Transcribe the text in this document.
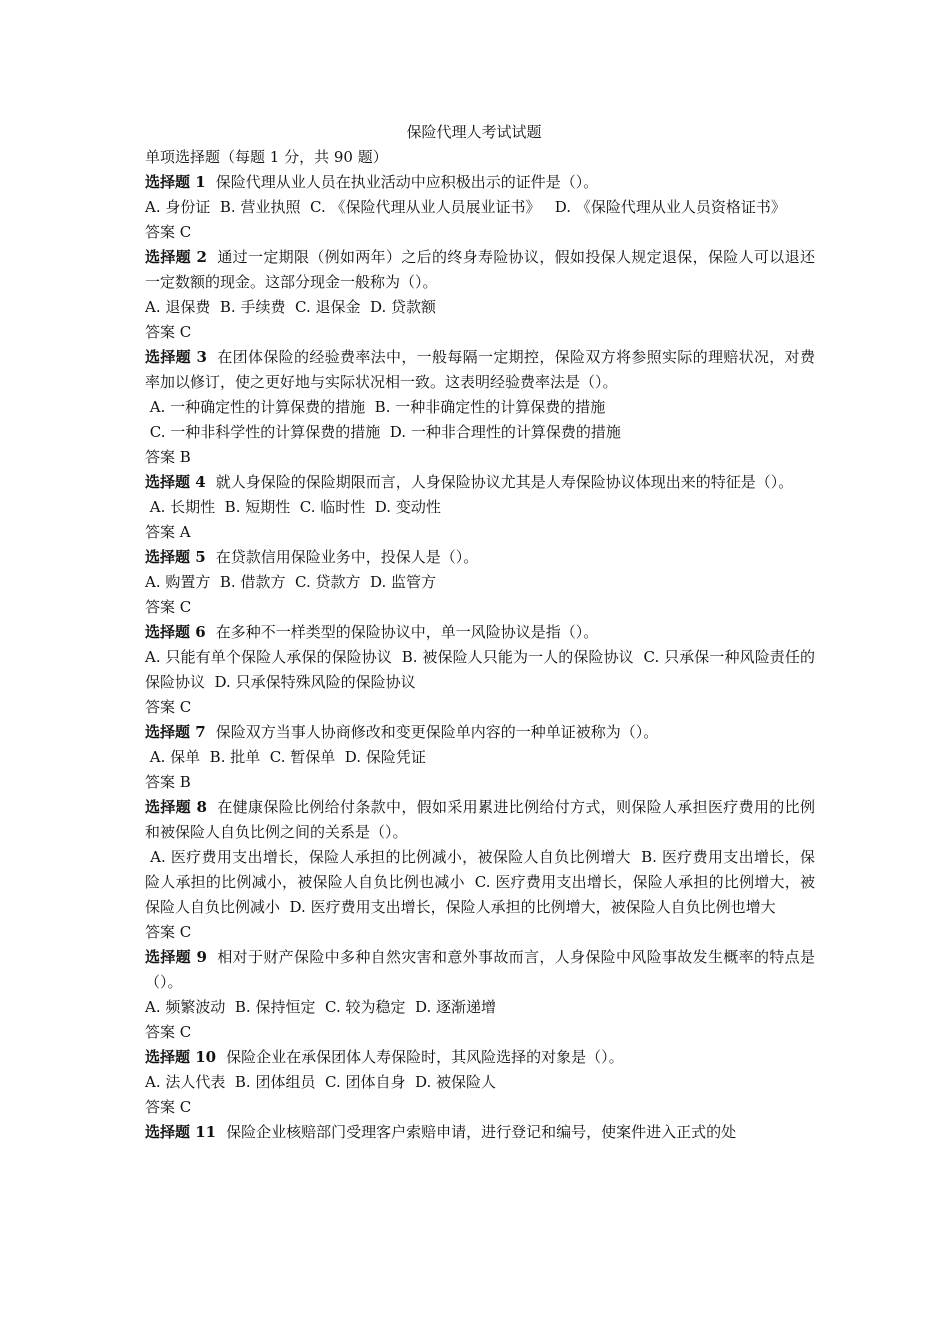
保险代理人考试试题
单项选择题（每题 1 分，共 90 题）
选择题 1 保险代理从业人员在执业活动中应积极出示的证件是（）。
A. 身份证  B. 营业执照  C. 《保险代理从业人员展业证书》   D. 《保险代理从业人员资格证书》
答案 C
选择题 2 通过一定期限（例如两年）之后的终身寿险协议，假如投保人规定退保，保险人可以退还一定数额的现金。这部分现金一般称为（）。
A. 退保费  B. 手续费  C. 退保金  D. 贷款额
答案 C
选择题 3 在团体保险的经验费率法中，一般每隔一定期控，保险双方将参照实际的理赔状况，对费率加以修订，使之更好地与实际状况相一致。这表明经验费率法是（）。
A. 一种确定性的计算保费的措施  B. 一种非确定性的计算保费的措施
C. 一种非科学性的计算保费的措施  D. 一种非合理性的计算保费的措施
答案 B
选择题 4 就人身保险的保险期限而言，人身保险协议尤其是人寿保险协议体现出来的特征是（）。
A. 长期性  B. 短期性  C. 临时性  D. 变动性
答案 A
选择题 5 在贷款信用保险业务中，投保人是（）。
A. 购置方  B. 借款方  C. 贷款方  D. 监管方
答案 C
选择题 6 在多种不一样类型的保险协议中，单一风险协议是指（）。
A. 只能有单个保险人承保的保险协议  B. 被保险人只能为一人的保险协议  C. 只承保一种风险责任的保险协议  D. 只承保特殊风险的保险协议
答案 C
选择题 7 保险双方当事人协商修改和变更保险单内容的一种单证被称为（）。
A. 保单  B. 批单  C. 暂保单  D. 保险凭证
答案 B
选择题 8 在健康保险比例给付条款中，假如采用累进比例给付方式，则保险人承担医疗费用的比例和被保险人自负比例之间的关系是（）。
A. 医疗费用支出增长，保险人承担的比例减小，被保险人自负比例增大  B. 医疗费用支出增长，保险人承担的比例减小，被保险人自负比例也减小  C. 医疗费用支出增长，保险人承担的比例增大，被保险人自负比例减小  D. 医疗费用支出增长，保险人承担的比例增大，被保险人自负比例也增大
答案 C
选择题 9 相对于财产保险中多种自然灾害和意外事故而言，人身保险中风险事故发生概率的特点是（）。
A. 频繁波动  B. 保持恒定  C. 较为稳定  D. 逐渐递增
答案 C
选择题 10 保险企业在承保团体人寿保险时，其风险选择的对象是（）。
A. 法人代表  B. 团体组员  C. 团体自身  D. 被保险人
答案 C
选择题 11 保险企业核赔部门受理客户索赔申请，进行登记和编号，使案件进入正式的处
